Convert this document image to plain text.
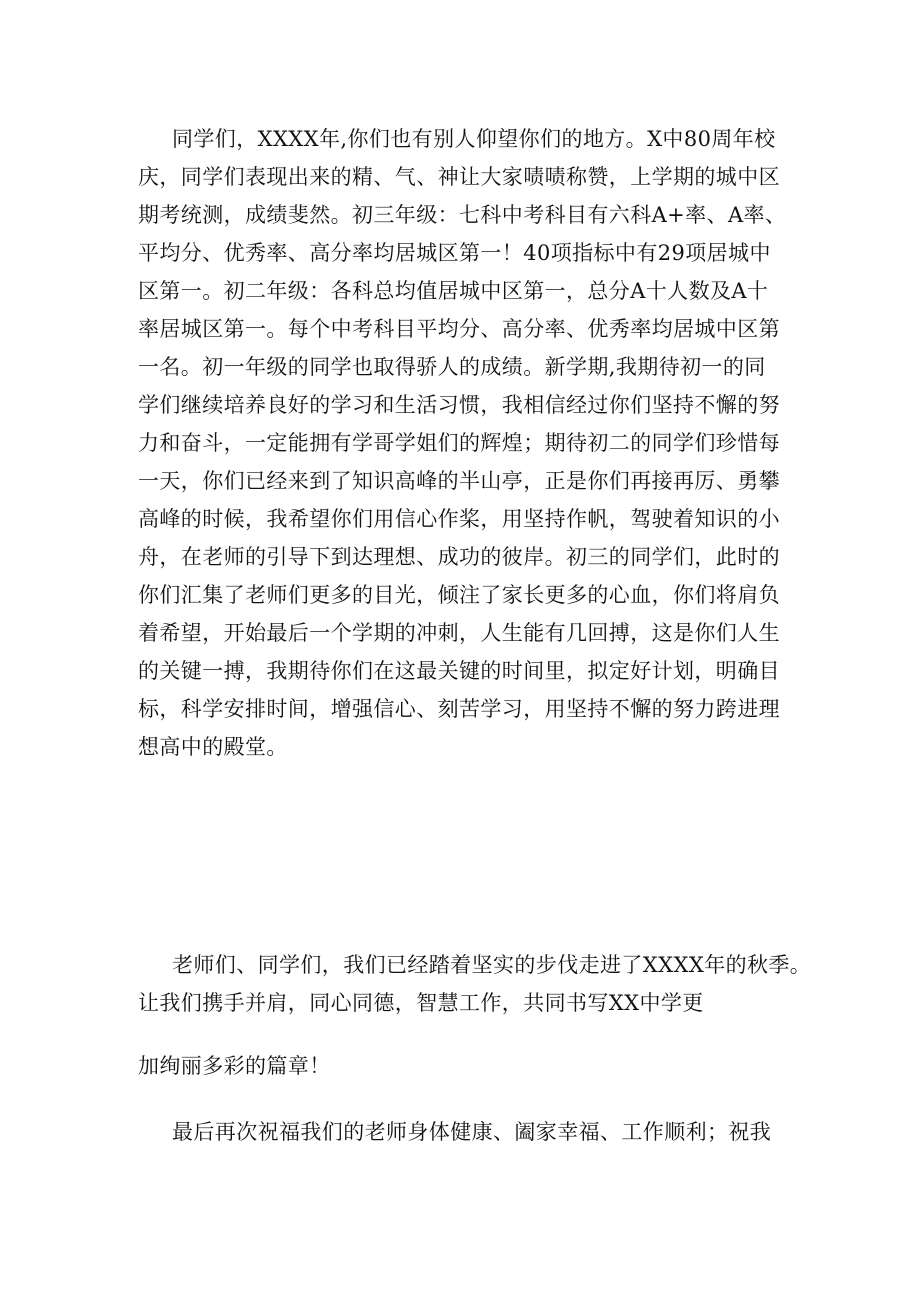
同学们，XXXX年,你们也有别人仰望你们的地方。X中80周年校
庆，同学们表现出来的精、气、神让大家啧啧称赞，上学期的城中区
期考统测，成绩斐然。初三年级：七科中考科目有六科A+率、A率、
平均分、优秀率、高分率均居城区第一！40项指标中有29项居城中
区第一。初二年级：各科总均值居城中区第一，总分A十人数及A十
率居城区第一。每个中考科目平均分、高分率、优秀率均居城中区第
一名。初一年级的同学也取得骄人的成绩。新学期,我期待初一的同
学们继续培养良好的学习和生活习惯，我相信经过你们坚持不懈的努
力和奋斗，一定能拥有学哥学姐们的辉煌；期待初二的同学们珍惜每
一天，你们已经来到了知识高峰的半山亭，正是你们再接再厉、勇攀
高峰的时候，我希望你们用信心作桨，用坚持作帆，驾驶着知识的小
舟，在老师的引导下到达理想、成功的彼岸。初三的同学们，此时的
你们汇集了老师们更多的目光，倾注了家长更多的心血，你们将肩负
着希望，开始最后一个学期的冲刺，人生能有几回搏，这是你们人生
的关键一搏，我期待你们在这最关键的时间里，拟定好计划，明确目
标，科学安排时间，增强信心、刻苦学习，用坚持不懈的努力跨进理
想高中的殿堂。
老师们、同学们，我们已经踏着坚实的步伐走进了XXXX年的秋季。
让我们携手并肩，同心同德，智慧工作，共同书写XX中学更
加绚丽多彩的篇章！
最后再次祝福我们的老师身体健康、阖家幸福、工作顺利；祝我
